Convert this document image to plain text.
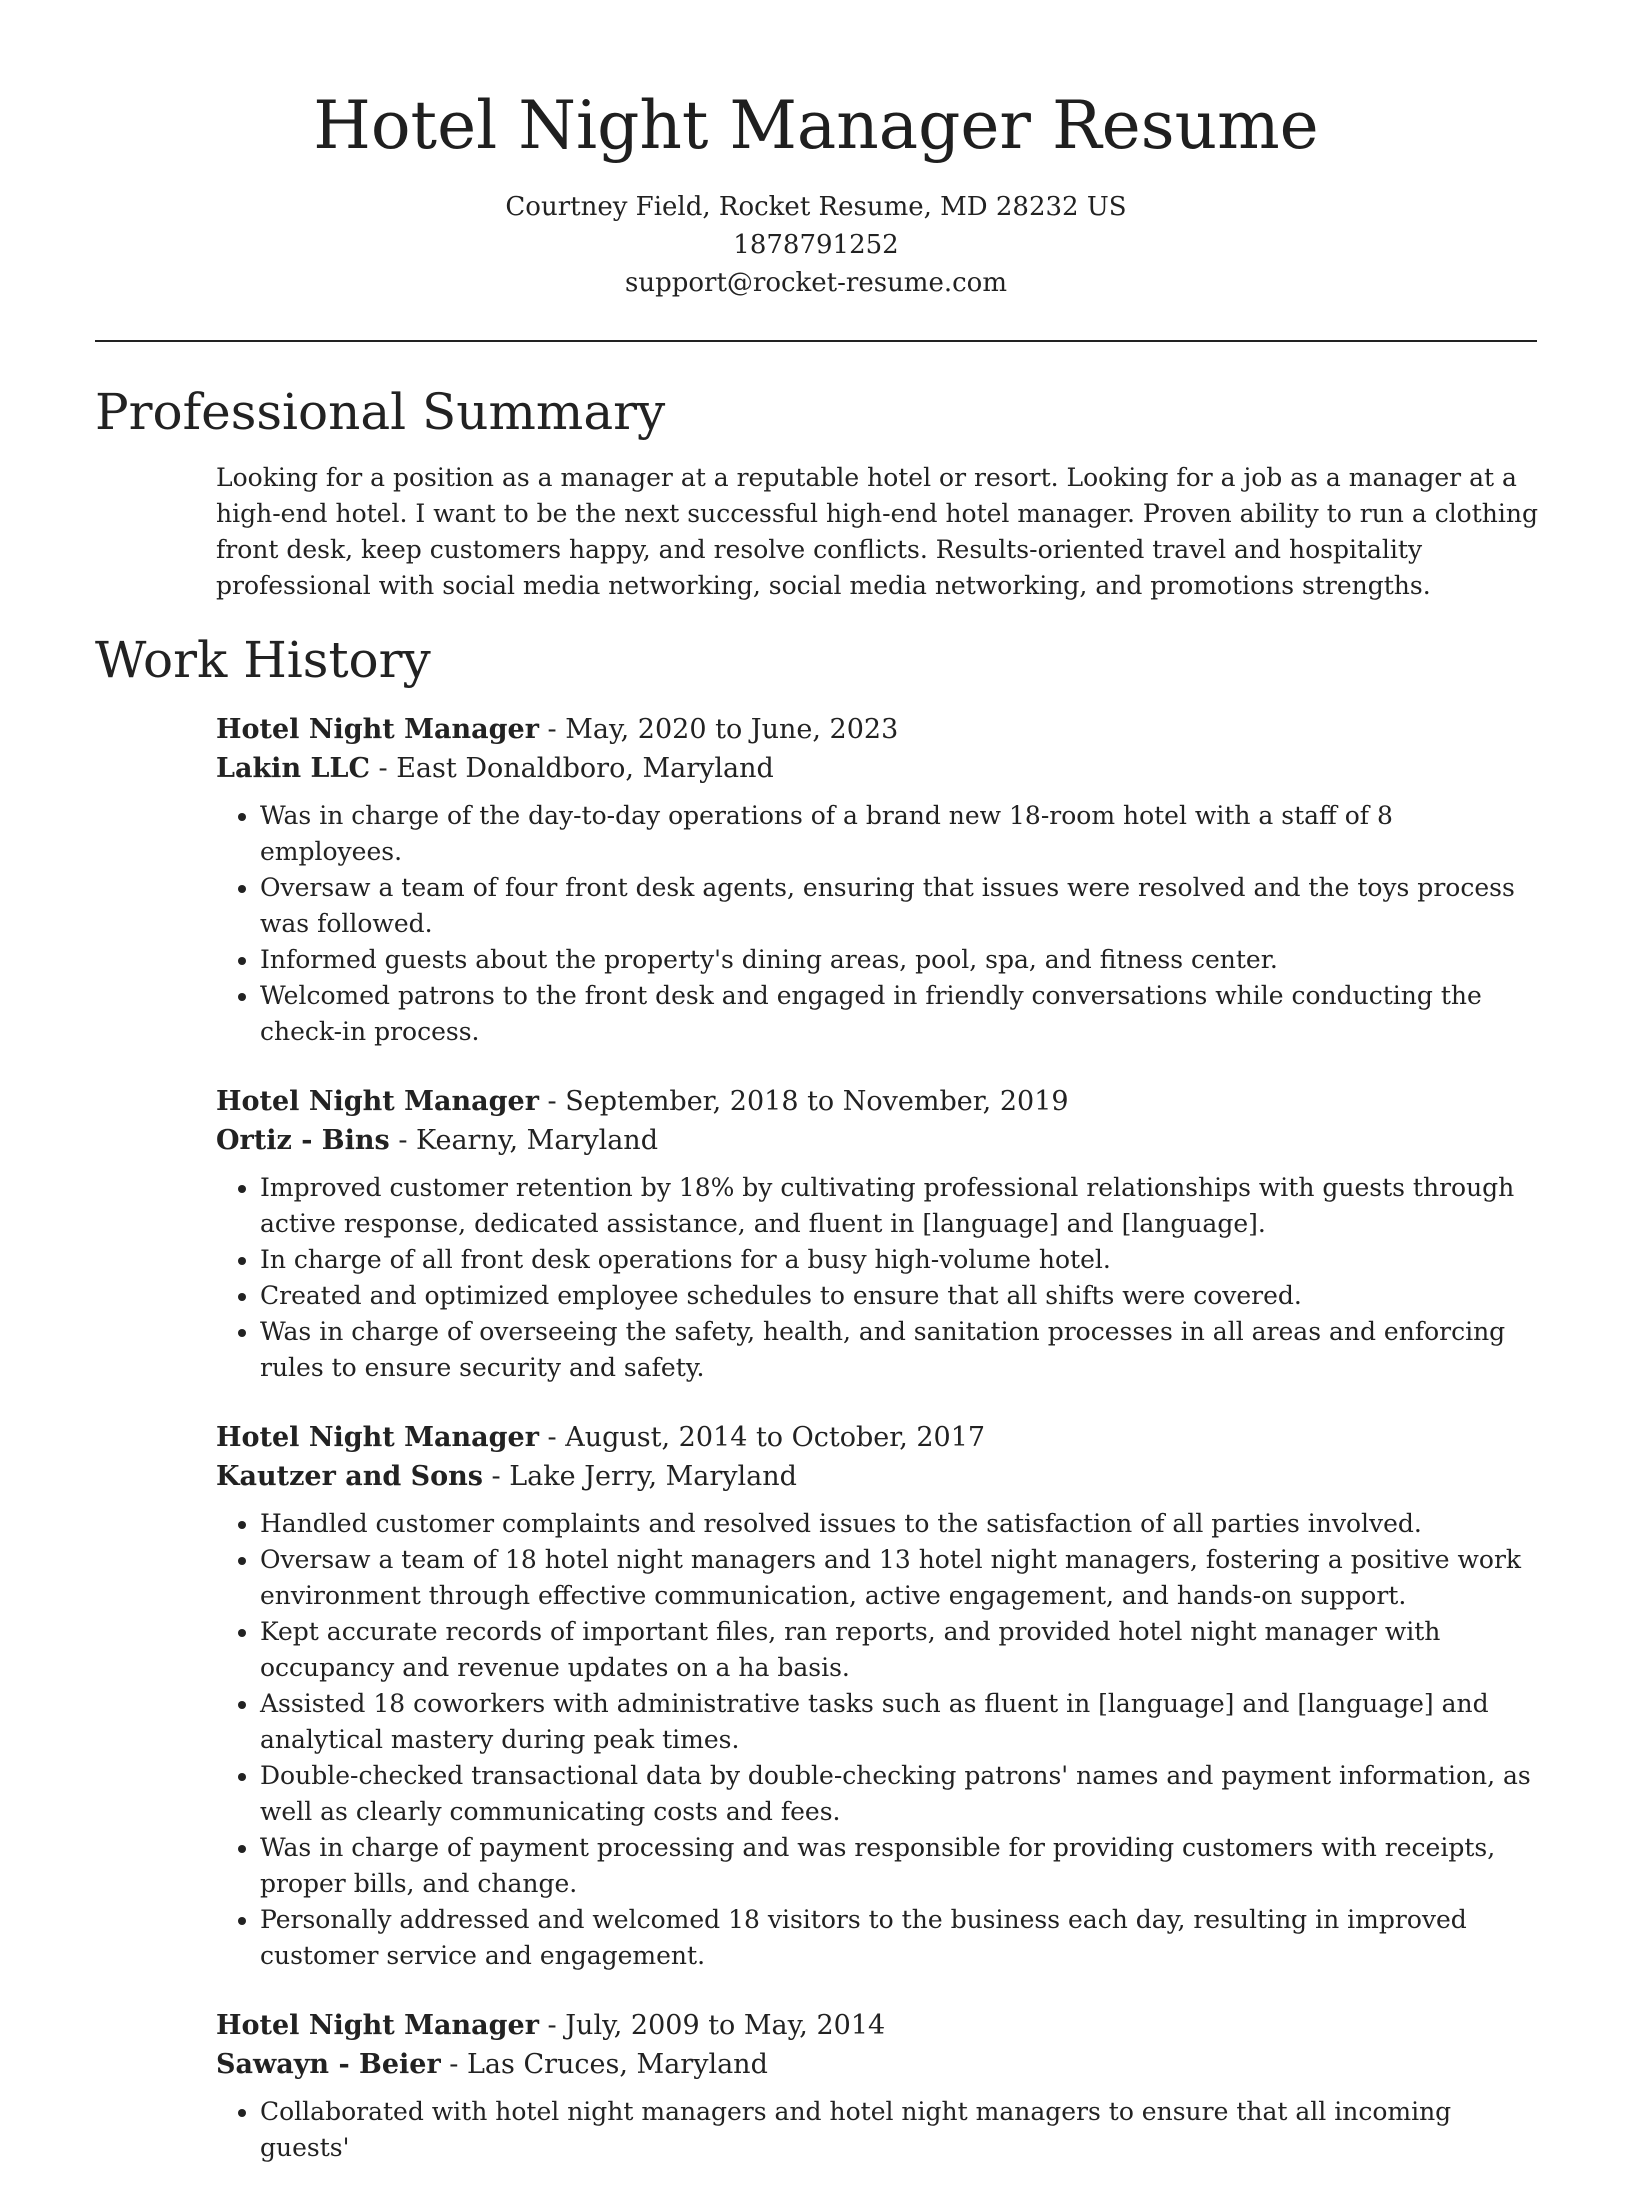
Hotel Night Manager Resume
Courtney Field, Rocket Resume, MD 28232 US
1878791252
support@rocket-resume.com
Professional Summary

Looking for a position as a manager at a reputable hotel or resort. Looking for a job as a manager at a high-end hotel. I want to be the next successful high-end hotel manager. Proven ability to run a clothing front desk, keep customers happy, and resolve conflicts. Results-oriented travel and hospitality professional with social media networking, social media networking, and promotions strengths.

Work History
Hotel Night Manager - May, 2020 to June, 2023
Lakin LLC - East Donaldboro, Maryland
• Was in charge of the day-to-day operations of a brand new 18-room hotel with a staff of 8 employees.
• Oversaw a team of four front desk agents, ensuring that issues were resolved and the toys process was followed.
• Informed guests about the property's dining areas, pool, spa, and fitness center.
• Welcomed patrons to the front desk and engaged in friendly conversations while conducting the check-in process.
Hotel Night Manager - September, 2018 to November, 2019
Ortiz - Bins - Kearny, Maryland
• Improved customer retention by 18% by cultivating professional relationships with guests through active response, dedicated assistance, and fluent in [language] and [language].
• In charge of all front desk operations for a busy high-volume hotel.
• Created and optimized employee schedules to ensure that all shifts were covered.
• Was in charge of overseeing the safety, health, and sanitation processes in all areas and enforcing rules to ensure security and safety.
Hotel Night Manager - August, 2014 to October, 2017
Kautzer and Sons - Lake Jerry, Maryland
• Handled customer complaints and resolved issues to the satisfaction of all parties involved.
• Oversaw a team of 18 hotel night managers and 13 hotel night managers, fostering a positive work environment through effective communication, active engagement, and hands-on support.
• Kept accurate records of important files, ran reports, and provided hotel night manager with occupancy and revenue updates on a ha basis.
• Assisted 18 coworkers with administrative tasks such as fluent in [language] and [language] and analytical mastery during peak times.
• Double-checked transactional data by double-checking patrons' names and payment information, as well as clearly communicating costs and fees.
• Was in charge of payment processing and was responsible for providing customers with receipts, proper bills, and change.
• Personally addressed and welcomed 18 visitors to the business each day, resulting in improved customer service and engagement.
Hotel Night Manager - July, 2009 to May, 2014
Sawayn - Beier - Las Cruces, Maryland
• Collaborated with hotel night managers and hotel night managers to ensure that all incoming guests'
